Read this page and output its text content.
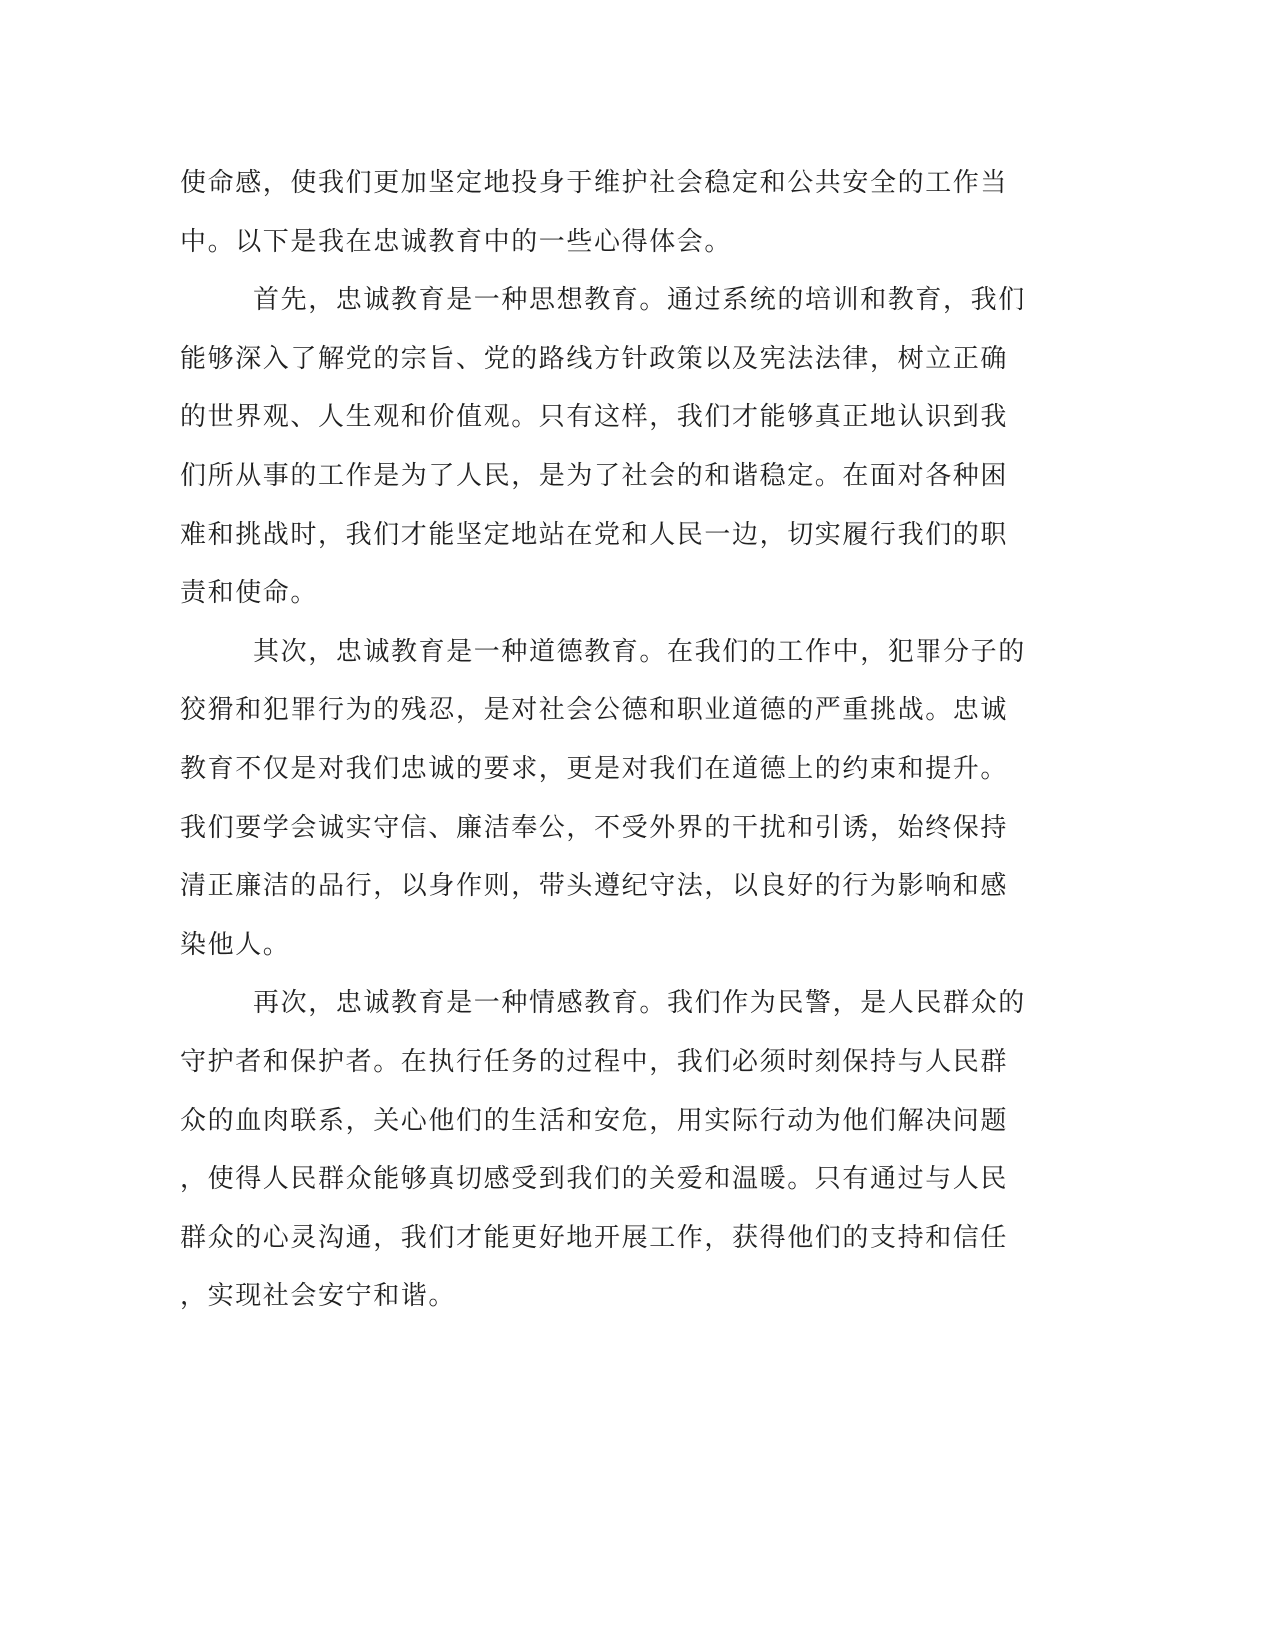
使命感，使我们更加坚定地投身于维护社会稳定和公共安全的工作当
中。以下是我在忠诚教育中的一些心得体会。
首先，忠诚教育是一种思想教育。通过系统的培训和教育，我们
能够深入了解党的宗旨、党的路线方针政策以及宪法法律，树立正确
的世界观、人生观和价值观。只有这样，我们才能够真正地认识到我
们所从事的工作是为了人民，是为了社会的和谐稳定。在面对各种困
难和挑战时，我们才能坚定地站在党和人民一边，切实履行我们的职
责和使命。
其次，忠诚教育是一种道德教育。在我们的工作中，犯罪分子的
狡猾和犯罪行为的残忍，是对社会公德和职业道德的严重挑战。忠诚
教育不仅是对我们忠诚的要求，更是对我们在道德上的约束和提升。
我们要学会诚实守信、廉洁奉公，不受外界的干扰和引诱，始终保持
清正廉洁的品行，以身作则，带头遵纪守法，以良好的行为影响和感
染他人。
再次，忠诚教育是一种情感教育。我们作为民警，是人民群众的
守护者和保护者。在执行任务的过程中，我们必须时刻保持与人民群
众的血肉联系，关心他们的生活和安危，用实际行动为他们解决问题
，使得人民群众能够真切感受到我们的关爱和温暖。只有通过与人民
群众的心灵沟通，我们才能更好地开展工作，获得他们的支持和信任
，实现社会安宁和谐。
